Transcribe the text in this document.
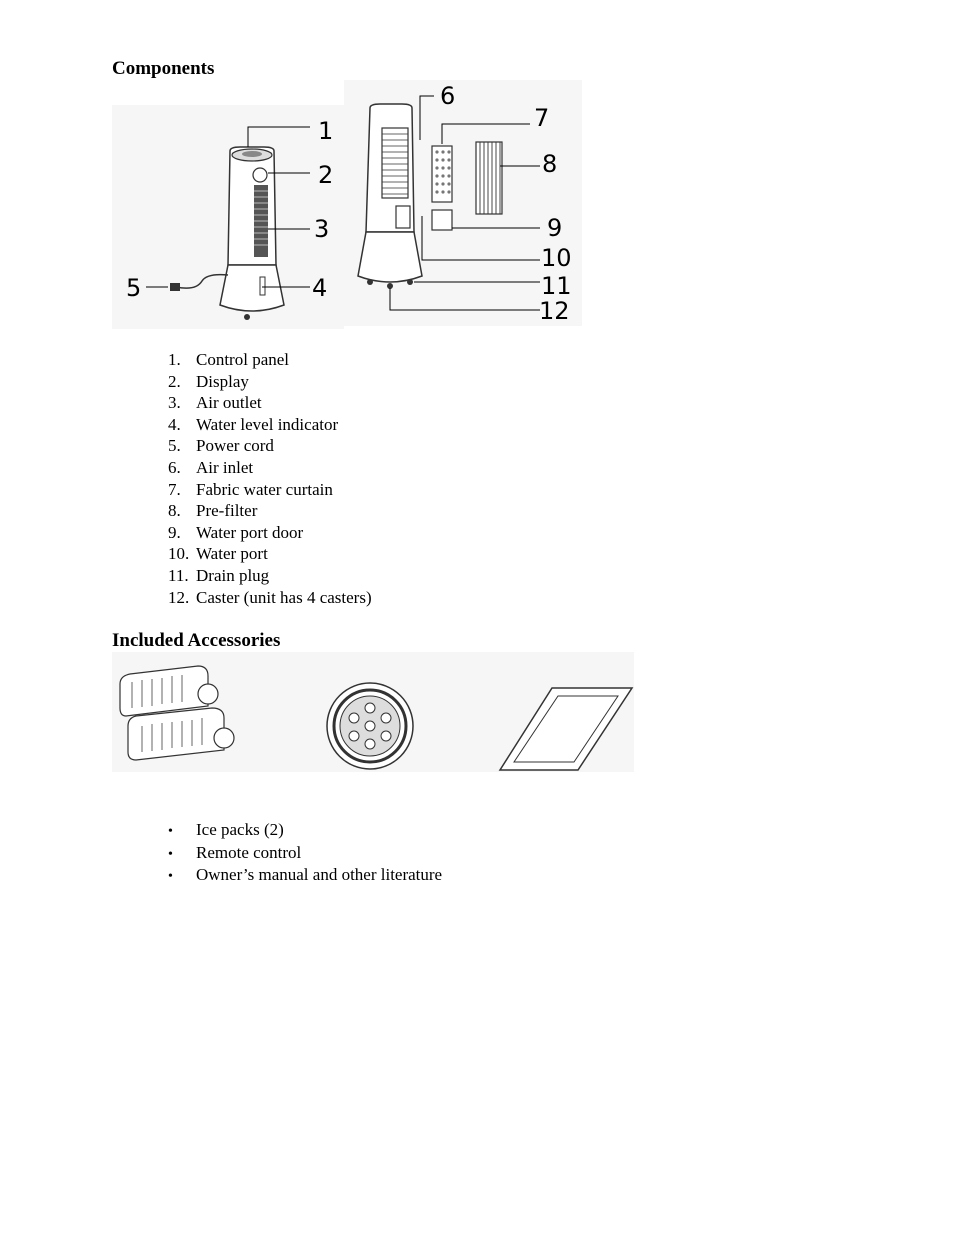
Components
1
2
3
4
5
6
7
8
9
10
11
12
1. Control panel
2. Display
3. Air outlet
4. Water level indicator
5. Power cord
6. Air inlet
7. Fabric water curtain
8. Pre-filter
9. Water port door
10. Water port
11. Drain plug
12. Caster (unit has 4 casters)
Included Accessories
• Ice packs (2)
• Remote control
• Owner’s manual and other literature
